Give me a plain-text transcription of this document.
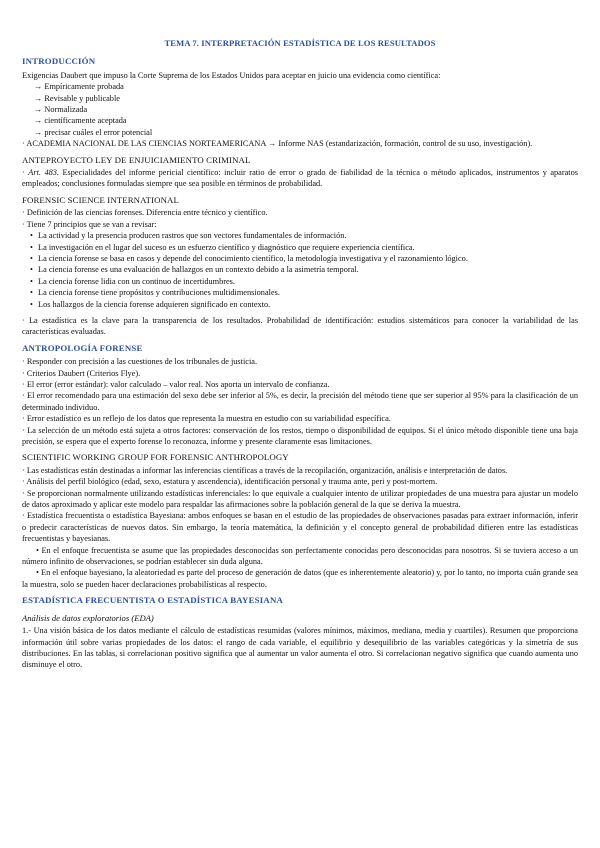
TEMA 7. INTERPRETACIÓN ESTADÍSTICA DE LOS RESULTADOS
INTRODUCCIÓN

Exigencias Daubert que impuso la Corte Suprema de los Estados Unidos para aceptar en juicio una evidencia como científica:

→ Empíricamente probada

→ Revisable y publicable

→ Normalizada

→ científicamente aceptada

→ precisar cuáles el error potencial

· ACADEMIA NACIONAL DE LAS CIENCIAS NORTEAMERICANA → Informe NAS (estandarización, formación, control de su uso, investigación).

ANTEPROYECTO LEY DE ENJUICIAMIENTO CRIMINAL

· Art. 483. Especialidades del informe pericial científico: incluir ratio de error o grado de fiabilidad de la técnica o método aplicados, instrumentos y aparatos empleados; conclusiones formuladas siempre que sea posible en términos de probabilidad.

FORENSIC SCIENCE INTERNATIONAL

· Definición de las ciencias forenses. Diferencia entre técnico y científico.

· Tiene 7 principios que se van a revisar:

• La actividad y la presencia producen rastros que son vectores fundamentales de información.
• La investigación en el lugar del suceso es un esfuerzo científico y diagnóstico que requiere experiencia científica.
• La ciencia forense se basa en casos y depende del conocimiento científico, la metodología investigativa y el razonamiento lógico.
• La ciencia forense es una evaluación de hallazgos en un contexto debido a la asimetría temporal.
• La ciencia forense lidia con un continuo de incertidumbres.
• La ciencia forense tiene propósitos y contribuciones multidimensionales.
• Los hallazgos de la ciencia forense adquieren significado en contexto.

· La estadística es la clave para la transparencia de los resultados. Probabilidad de identificación: estudios sistemáticos para conocer la variabilidad de las características evaluadas.

ANTROPOLOGÍA FORENSE

· Responder con precisión a las cuestiones de los tribunales de justicia.

· Criterios Daubert (Criterios Flye).

· El error (error estándar): valor calculado – valor real. Nos aporta un intervalo de confianza.

· El error recomendado para una estimación del sexo debe ser inferior al 5%, es decir, la precisión del método tiene que ser superior al 95% para la clasificación de un determinado individuo.

· Error estadístico es un reflejo de los datos que representa la muestra en estudio con su variabilidad específica.

· La selección de un método está sujeta a otros factores: conservación de los restos, tiempo o disponibilidad de equipos. Si el único método disponible tiene una baja precisión, se espera que el experto forense lo reconozca, informe y presente claramente esas limitaciones.

SCIENTIFIC WORKING GROUP FOR FORENSIC ANTHROPOLOGY

· Las estadísticas están destinadas a informar las inferencias científicas a través de la recopilación, organización, análisis e interpretación de datos.

· Análisis del perfil biológico (edad, sexo, estatura y ascendencia), identificación personal y trauma ante, peri y post-mortem.

· Se proporcionan normalmente utilizando estadísticas inferenciales: lo que equivale a cualquier intento de utilizar propiedades de una muestra para ajustar un modelo de datos aproximado y aplicar este modelo para respaldar las afirmaciones sobre la población general de la que se deriva la muestra.

· Estadística frecuentista o estadística Bayesiana: ambos enfoques se basan en el estudio de las propiedades de observaciones pasadas para extraer información, inferir o predecir características de nuevos datos. Sin embargo, la teoría matemática, la definición y el concepto general de probabilidad difieren entre las estadísticas frecuentistas y bayesianas.

• En el enfoque frecuentista se asume que las propiedades desconocidas son perfectamente conocidas pero desconocidas para nosotros. Si se tuviera acceso a un número infinito de observaciones, se podrían establecer sin duda alguna.

• En el enfoque bayesiano, la aleatoriedad es parte del proceso de generación de datos (que es inherentemente aleatorio) y, por lo tanto, no importa cuán grande sea la muestra, solo se pueden hacer declaraciones probabilísticas al respecto.

ESTADÍSTICA FRECUENTISTA O ESTADÍSTICA BAYESIANA
Análisis de datos exploratorios (EDA)

1.- Una visión básica de los datos mediante el cálculo de estadísticas resumidas (valores mínimos, máximos, mediana, media y cuartiles). Resumen que proporciona información útil sobre varias propiedades de los datos: el rango de cada variable, el equilibrio y desequilibrio de las variables categóricas y la simetría de sus distribuciones. En las tablas, si correlacionan positivo significa que al aumentar un valor aumenta el otro. Si correlacionan negativo significa que cuando aumenta uno disminuye el otro.
